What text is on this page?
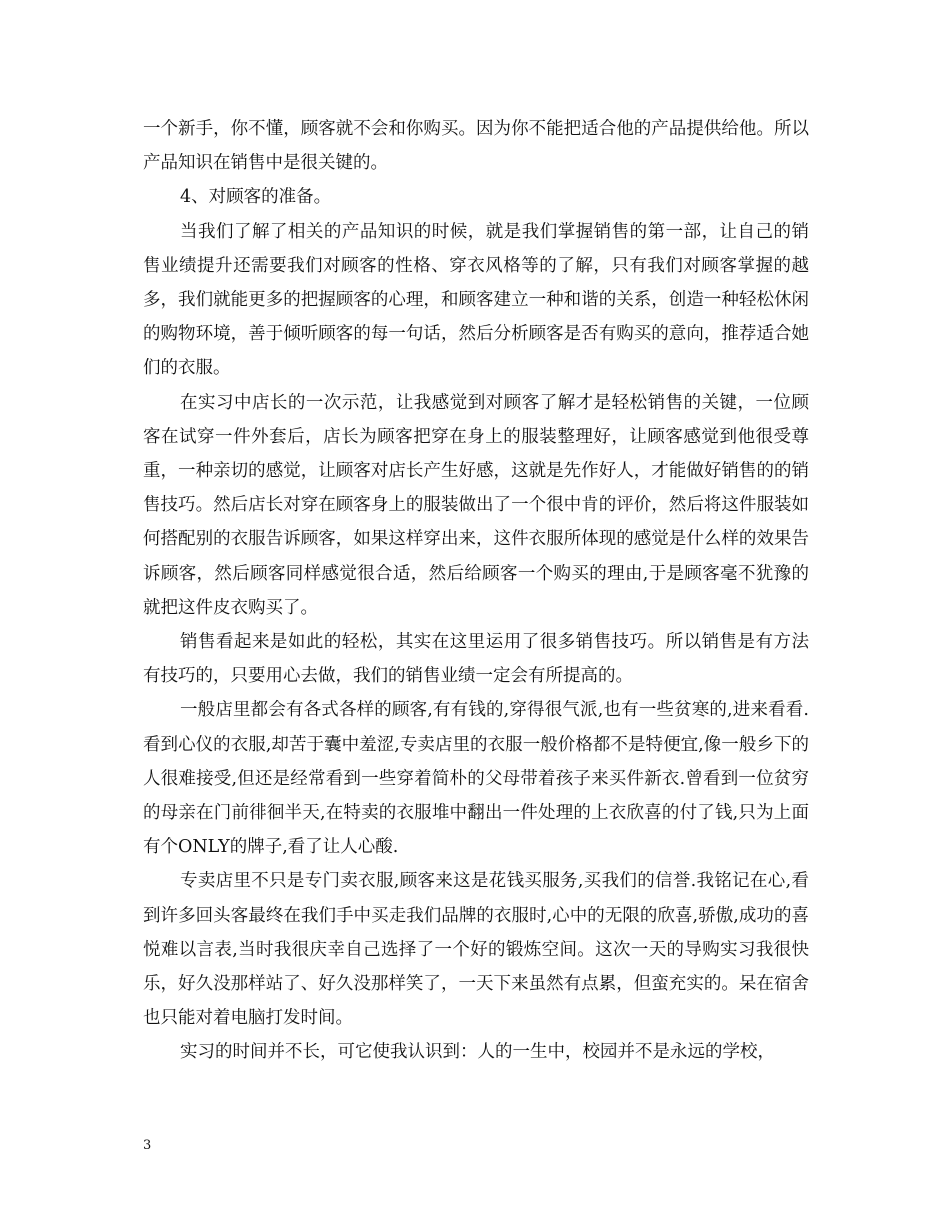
一个新手，你不懂，顾客就不会和你购买。因为你不能把适合他的产品提供给他。所以产品知识在销售中是很关键的。

4、对顾客的准备。

当我们了解了相关的产品知识的时候，就是我们掌握销售的第一部，让自己的销售业绩提升还需要我们对顾客的性格、穿衣风格等的了解，只有我们对顾客掌握的越多，我们就能更多的把握顾客的心理，和顾客建立一种和谐的关系，创造一种轻松休闲的购物环境，善于倾听顾客的每一句话，然后分析顾客是否有购买的意向，推荐适合她们的衣服。

在实习中店长的一次示范，让我感觉到对顾客了解才是轻松销售的关键，一位顾客在试穿一件外套后，店长为顾客把穿在身上的服装整理好，让顾客感觉到他很受尊重，一种亲切的感觉，让顾客对店长产生好感，这就是先作好人，才能做好销售的的销售技巧。然后店长对穿在顾客身上的服装做出了一个很中肯的评价，然后将这件服装如何搭配别的衣服告诉顾客，如果这样穿出来，这件衣服所体现的感觉是什么样的效果告诉顾客，然后顾客同样感觉很合适，然后给顾客一个购买的理由,于是顾客毫不犹豫的就把这件皮衣购买了。

销售看起来是如此的轻松，其实在这里运用了很多销售技巧。所以销售是有方法有技巧的，只要用心去做，我们的销售业绩一定会有所提高的。

一般店里都会有各式各样的顾客,有有钱的,穿得很气派,也有一些贫寒的,进来看看.看到心仪的衣服,却苦于囊中羞涩,专卖店里的衣服一般价格都不是特便宜,像一般乡下的人很难接受,但还是经常看到一些穿着简朴的父母带着孩子来买件新衣.曾看到一位贫穷的母亲在门前徘徊半天,在特卖的衣服堆中翻出一件处理的上衣欣喜的付了钱,只为上面有个ONLY的牌子,看了让人心酸.

专卖店里不只是专门卖衣服,顾客来这是花钱买服务,买我们的信誉.我铭记在心,看到许多回头客最终在我们手中买走我们品牌的衣服时,心中的无限的欣喜,骄傲,成功的喜悦难以言表,当时我很庆幸自己选择了一个好的锻炼空间。这次一天的导购实习我很快乐，好久没那样站了、好久没那样笑了，一天下来虽然有点累，但蛮充实的。呆在宿舍也只能对着电脑打发时间。

实习的时间并不长，可它使我认识到：人的一生中，校园并不是永远的学校，

3
